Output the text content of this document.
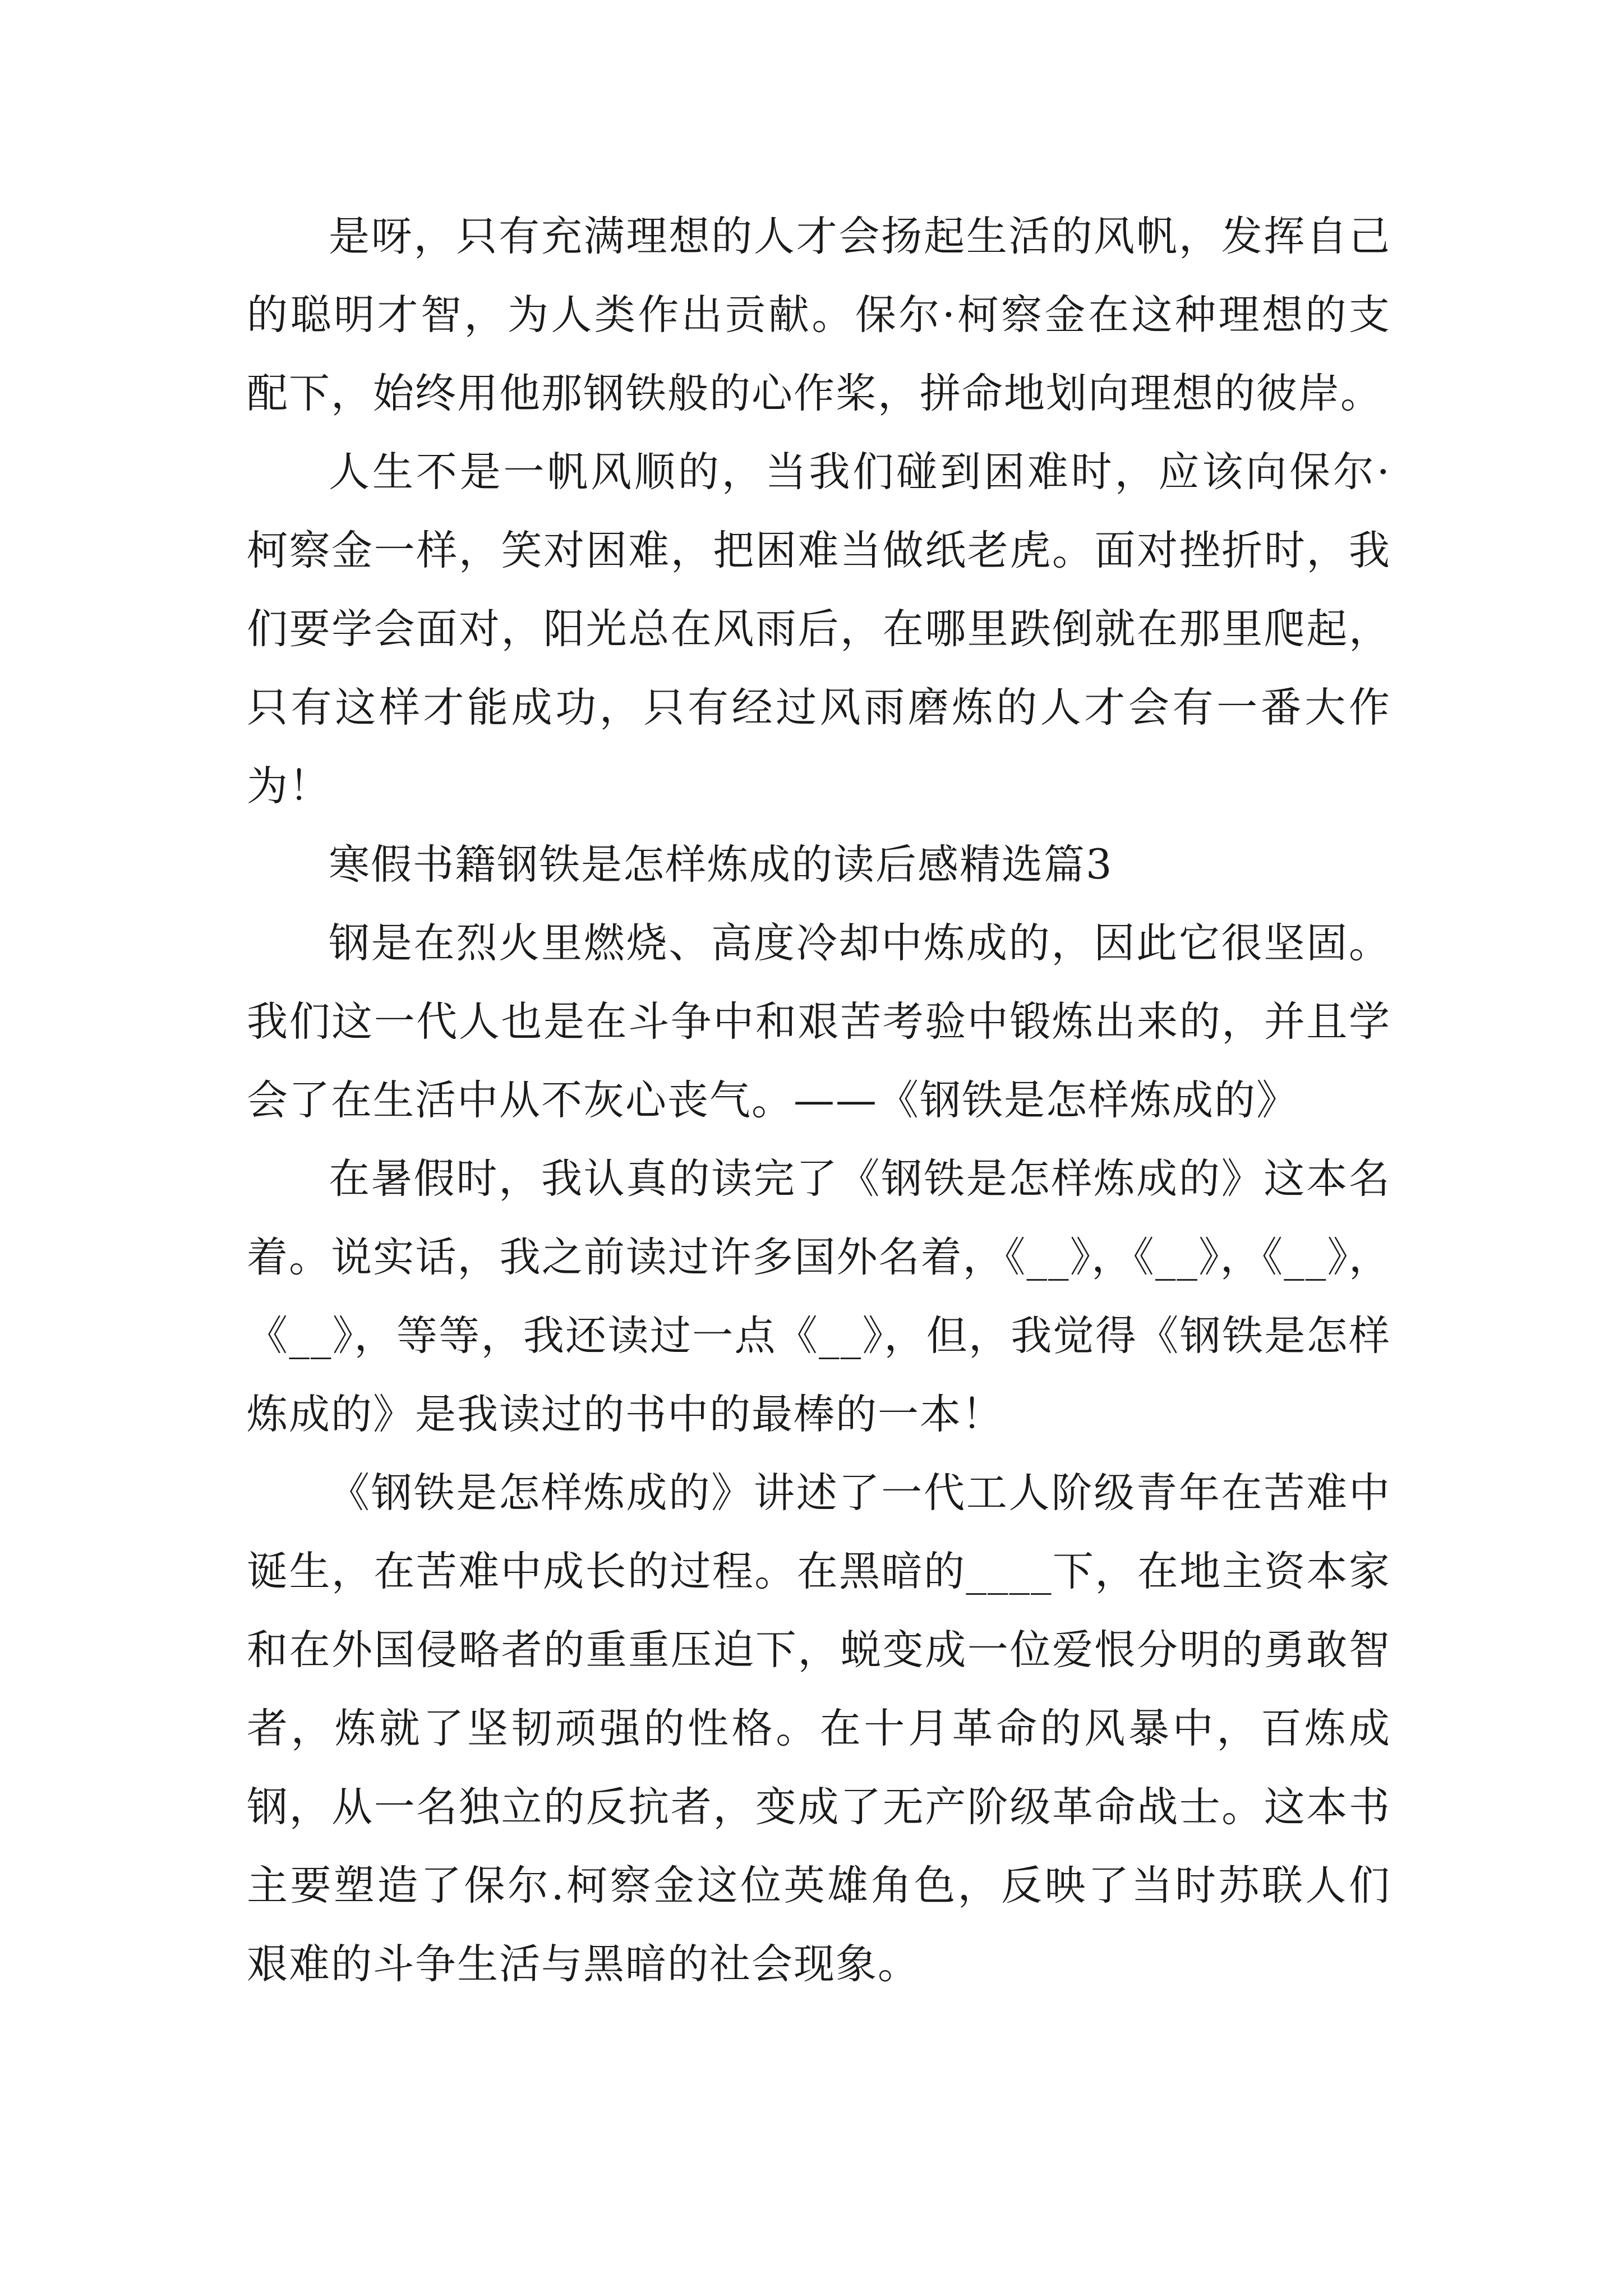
是呀，只有充满理想的人才会扬起生活的风帆，发挥自己的聪明才智，为人类作出贡献。保尔·柯察金在这种理想的支配下，始终用他那钢铁般的心作桨，拼命地划向理想的彼岸。

人生不是一帆风顺的，当我们碰到困难时，应该向保尔·柯察金一样，笑对困难，把困难当做纸老虎。面对挫折时，我们要学会面对，阳光总在风雨后，在哪里跌倒就在那里爬起，只有这样才能成功，只有经过风雨磨炼的人才会有一番大作为！

寒假书籍钢铁是怎样炼成的读后感精选篇3

钢是在烈火里燃烧、高度冷却中炼成的，因此它很坚固。我们这一代人也是在斗争中和艰苦考验中锻炼出来的，并且学会了在生活中从不灰心丧气。——《钢铁是怎样炼成的》

在暑假时，我认真的读完了《钢铁是怎样炼成的》这本名着。说实话，我之前读过许多国外名着，《__》，《__》，《__》，《__》，等等，我还读过一点《__》，但，我觉得《钢铁是怎样炼成的》是我读过的书中的最棒的一本！

《钢铁是怎样炼成的》讲述了一代工人阶级青年在苦难中诞生，在苦难中成长的过程。在黑暗的____下，在地主资本家和在外国侵略者的重重压迫下，蜕变成一位爱恨分明的勇敢智者，炼就了坚韧顽强的性格。在十月革命的风暴中，百炼成钢，从一名独立的反抗者，变成了无产阶级革命战士。这本书主要塑造了保尔.柯察金这位英雄角色，反映了当时苏联人们艰难的斗争生活与黑暗的社会现象。
